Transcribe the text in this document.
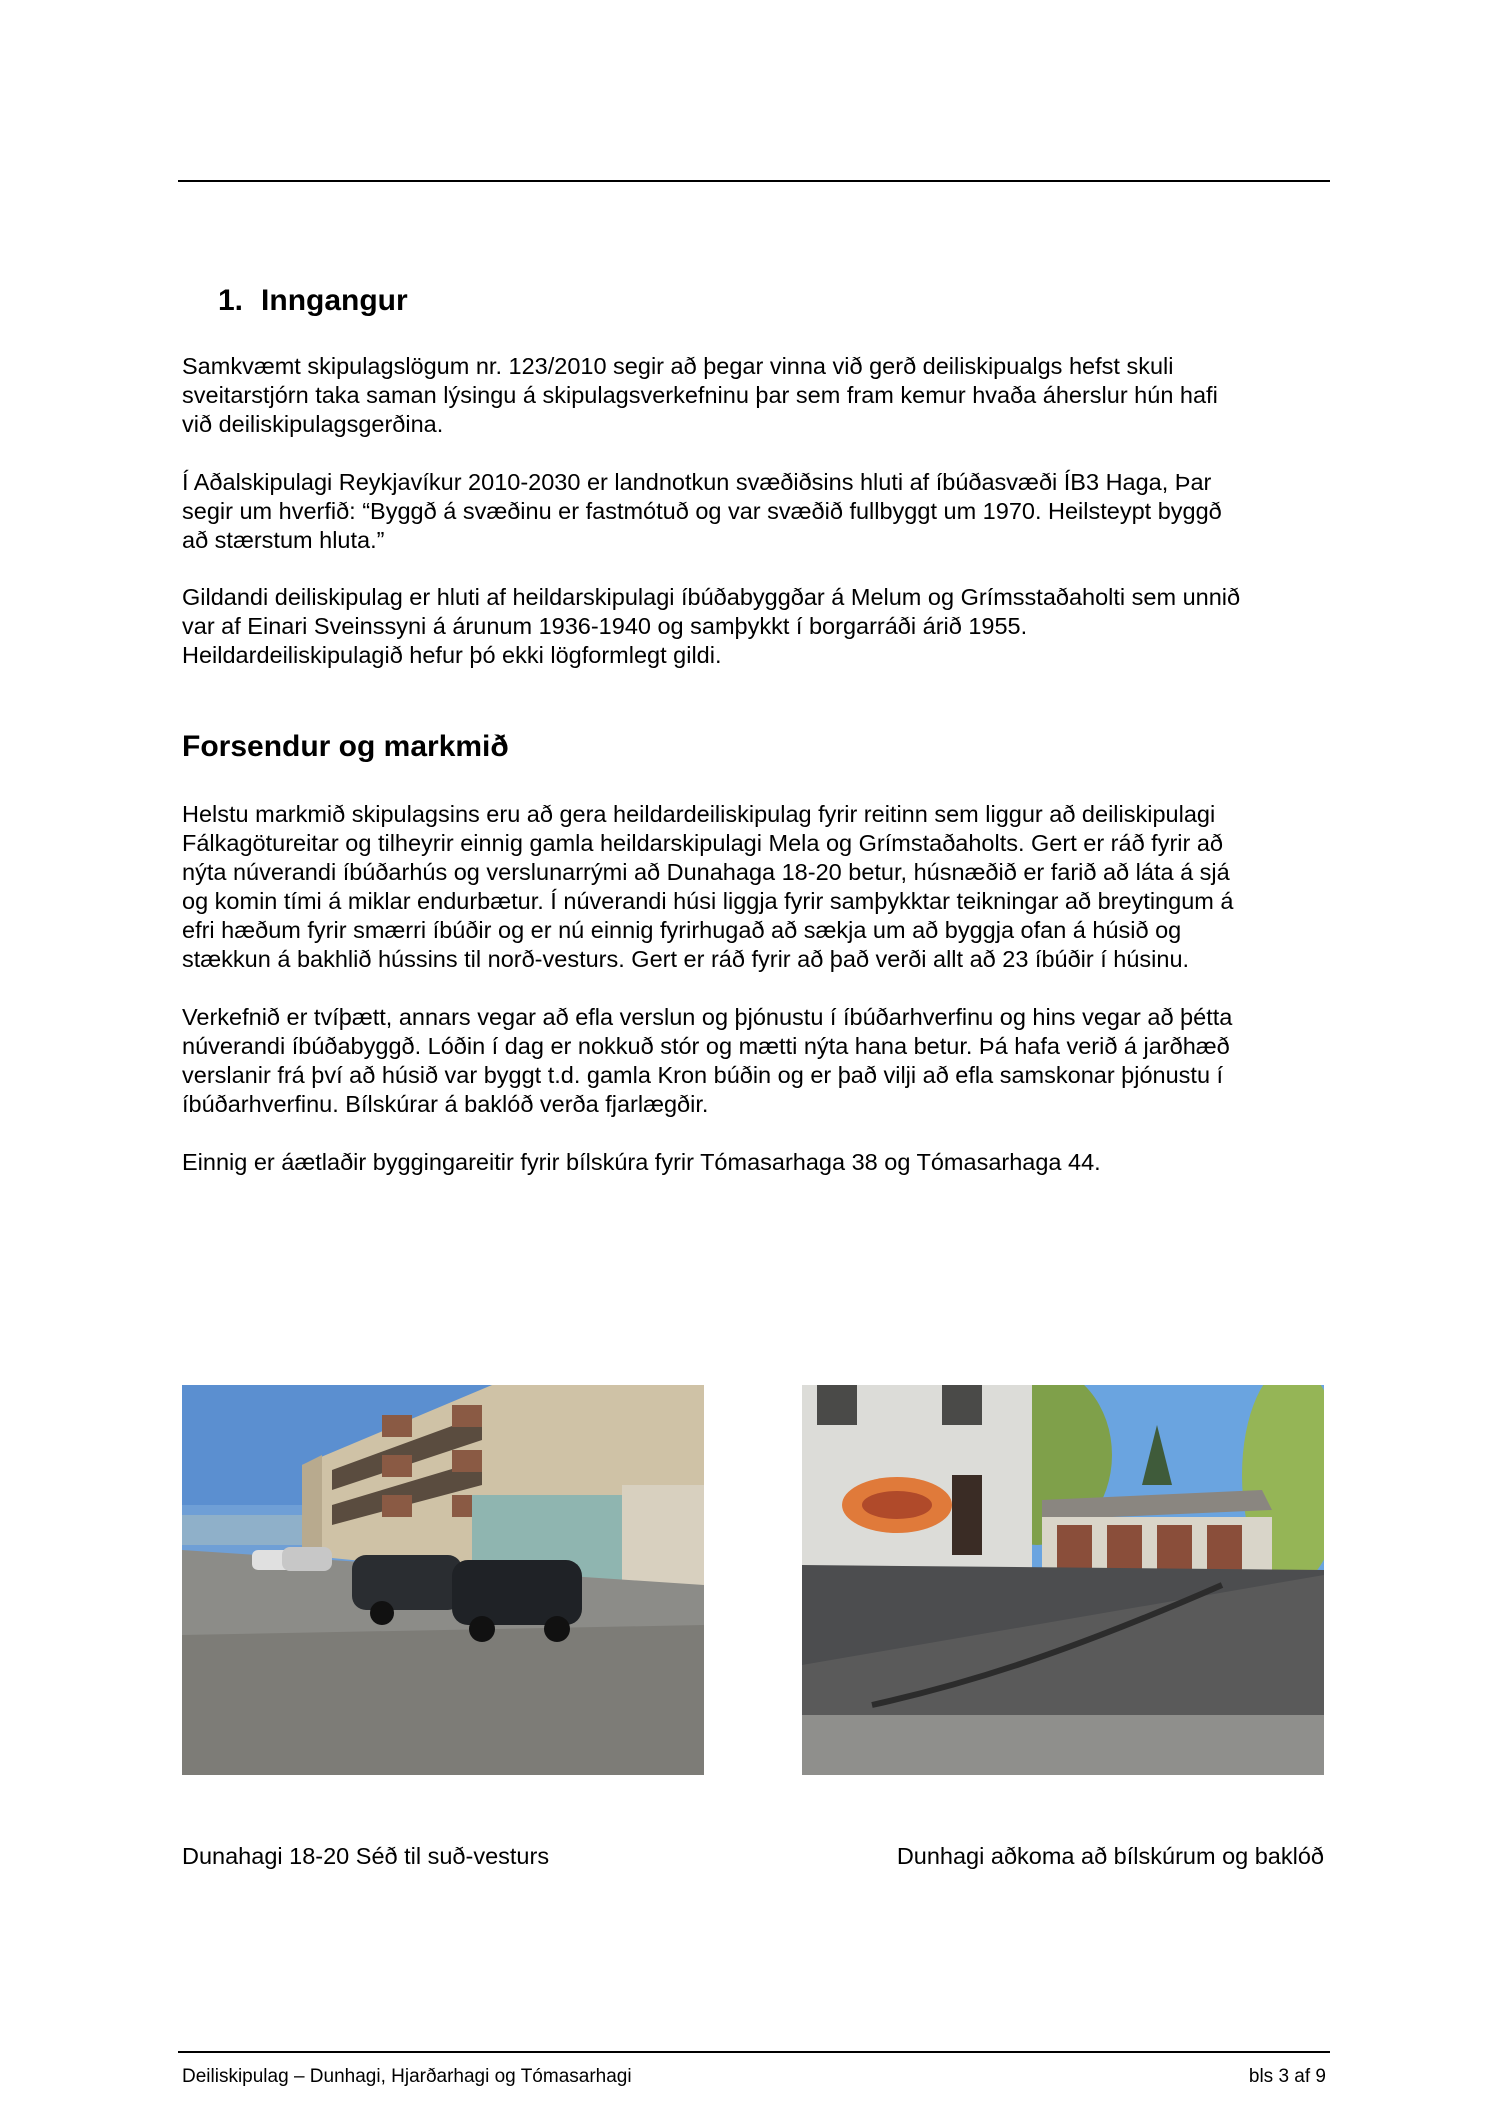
1. Inngangur

Samkvæmt skipulagslögum nr. 123/2010 segir að þegar vinna við gerð deiliskipualgs hefst skuli
sveitarstjórn taka saman lýsingu á skipulagsverkefninu þar sem fram kemur hvaða áherslur hún hafi
við deiliskipulagsgerðina.

Í Aðalskipulagi Reykjavíkur 2010-2030 er landnotkun svæðiðsins hluti af íbúðasvæði ÍB3 Haga, Þar
segir um hverfið: “Byggð á svæðinu er fastmótuð og var svæðið fullbyggt um 1970. Heilsteypt byggð
að stærstum hluta.”

Gildandi deiliskipulag er hluti af heildarskipulagi íbúðabyggðar á Melum og Grímsstaðaholti sem unnið
var af Einari Sveinssyni á árunum 1936-1940 og samþykkt í borgarráði árið 1955.
Heildardeiliskipulagið hefur þó ekki lögformlegt gildi.

Forsendur og markmið

Helstu markmið skipulagsins eru að gera heildardeiliskipulag fyrir reitinn sem liggur að deiliskipulagi
Fálkagötureitar og tilheyrir einnig gamla heildarskipulagi Mela og Grímstaðaholts. Gert er ráð fyrir að
nýta núverandi íbúðarhús og verslunarrými að Dunahaga 18-20 betur, húsnæðið er farið að láta á sjá
og komin tími á miklar endurbætur. Í núverandi húsi liggja fyrir samþykktar teikningar að breytingum á
efri hæðum fyrir smærri íbúðir og er nú einnig fyrirhugað að sækja um að byggja ofan á húsið og
stækkun á bakhlið hússins til norð-vesturs. Gert er ráð fyrir að það verði allt að 23 íbúðir í húsinu.

Verkefnið er tvíþætt, annars vegar að efla verslun og þjónustu í íbúðarhverfinu og hins vegar að þétta
núverandi íbúðabyggð. Lóðin í dag er nokkuð stór og mætti nýta hana betur. Þá hafa verið á jarðhæð
verslanir frá því að húsið var byggt t.d. gamla Kron búðin og er það vilji að efla samskonar þjónustu í
íbúðarhverfinu. Bílskúrar á baklóð verða fjarlægðir.

Einnig er áætlaðir byggingareitir fyrir bílskúra fyrir Tómasarhaga 38 og Tómasarhaga 44.

Dunahagi 18-20 Séð til suð-vesturs	Dunhagi aðkoma að bílskúrum og baklóð
Deiliskipulag – Dunhagi, Hjarðarhagi og Tómasarhagi	bls 3 af 9
